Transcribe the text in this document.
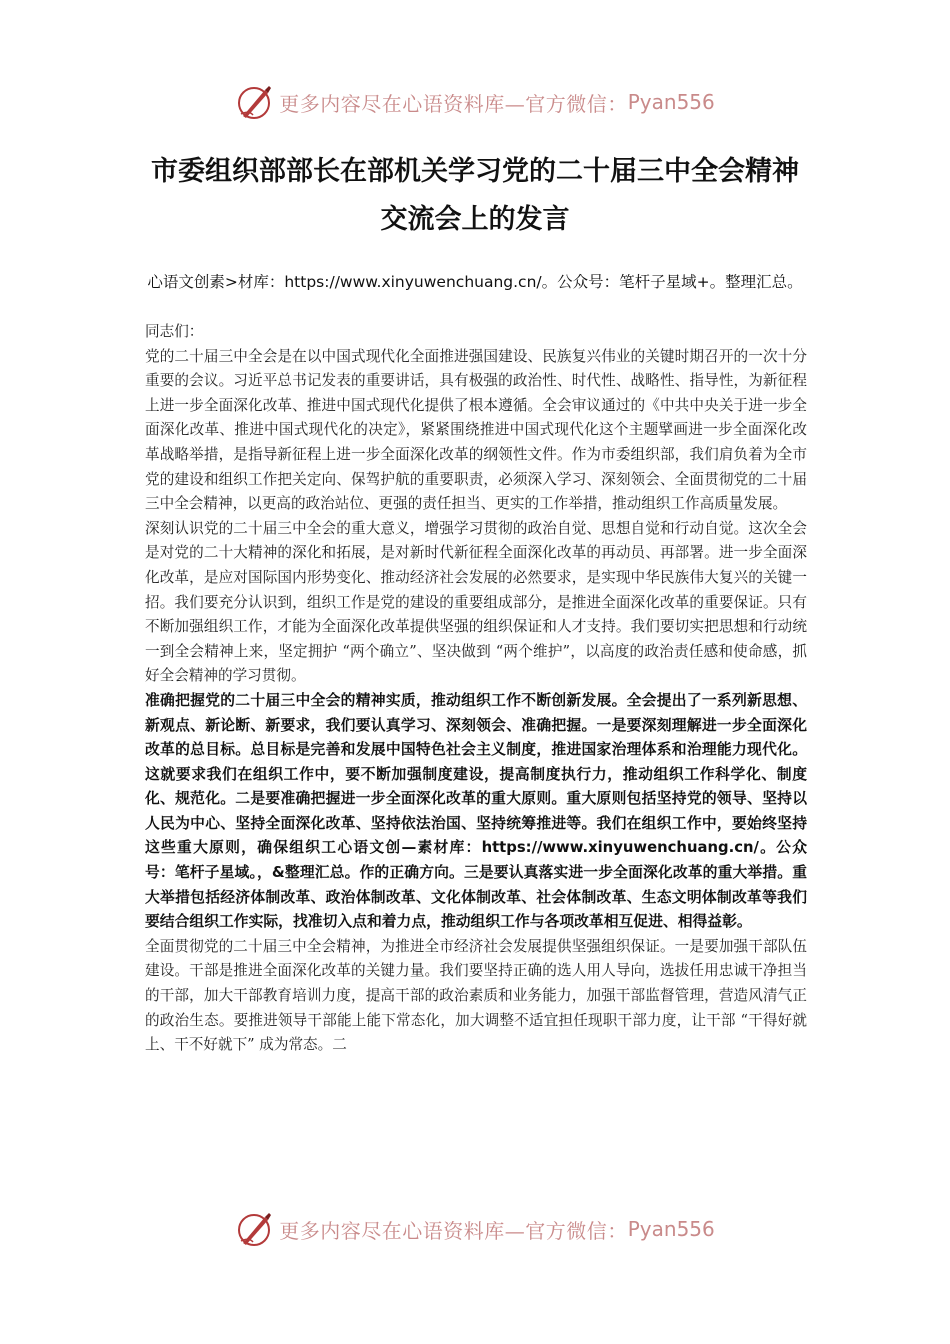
更多内容尽在心语资料库—官方微信： Pyan556
市委组织部部长在部机关学习党的二十届三中全会精神交流会上的发言
心语文创素>材库：https://www.xinyuwenchuang.cn/。公众号：笔杆子星域+。整理汇总。

同志们：

党的二十届三中全会是在以中国式现代化全面推进强国建设、民族复兴伟业的关键时期召开的一次十分重要的会议。习近平总书记发表的重要讲话，具有极强的政治性、时代性、战略性、指导性，为新征程上进一步全面深化改革、推进中国式现代化提供了根本遵循。全会审议通过的《中共中央关于进一步全面深化改革、推进中国式现代化的决定》，紧紧围绕推进中国式现代化这个主题擘画进一步全面深化改革战略举措，是指导新征程上进一步全面深化改革的纲领性文件。作为市委组织部，我们肩负着为全市党的建设和组织工作把关定向、保驾护航的重要职责，必须深入学习、深刻领会、全面贯彻党的二十届三中全会精神，以更高的政治站位、更强的责任担当、更实的工作举措，推动组织工作高质量发展。

深刻认识党的二十届三中全会的重大意义，增强学习贯彻的政治自觉、思想自觉和行动自觉。这次全会是对党的二十大精神的深化和拓展，是对新时代新征程全面深化改革的再动员、再部署。进一步全面深化改革，是应对国际国内形势变化、推动经济社会发展的必然要求，是实现中华民族伟大复兴的关键一招。我们要充分认识到，组织工作是党的建设的重要组成部分，是推进全面深化改革的重要保证。只有不断加强组织工作，才能为全面深化改革提供坚强的组织保证和人才支持。我们要切实把思想和行动统一到全会精神上来，坚定拥护 “两个确立”、坚决做到 “两个维护”，以高度的政治责任感和使命感，抓好全会精神的学习贯彻。

准确把握党的二十届三中全会的精神实质，推动组织工作不断创新发展。全会提出了一系列新思想、新观点、新论断、新要求，我们要认真学习、深刻领会、准确把握。一是要深刻理解进一步全面深化改革的总目标。总目标是完善和发展中国特色社会主义制度，推进国家治理体系和治理能力现代化。这就要求我们在组织工作中，要不断加强制度建设，提高制度执行力，推动组织工作科学化、制度化、规范化。二是要准确把握进一步全面深化改革的重大原则。重大原则包括坚持党的领导、坚持以人民为中心、坚持全面深化改革、坚持依法治国、坚持统筹推进等。我们在组织工作中，要始终坚持这些重大原则，确保组织工心语文创—素材库：https://www.xinyuwenchuang.cn/。公众号：笔杆子星域。，&整理汇总。作的正确方向。三是要认真落实进一步全面深化改革的重大举措。重大举措包括经济体制改革、政治体制改革、文化体制改革、社会体制改革、生态文明体制改革等我们要结合组织工作实际，找准切入点和着力点，推动组织工作与各项改革相互促进、相得益彰。

全面贯彻党的二十届三中全会精神，为推进全市经济社会发展提供坚强组织保证。一是要加强干部队伍建设。干部是推进全面深化改革的关键力量。我们要坚持正确的选人用人导向，选拔任用忠诚干净担当的干部，加大干部教育培训力度，提高干部的政治素质和业务能力，加强干部监督管理，营造风清气正的政治生态。要推进领导干部能上能下常态化，加大调整不适宜担任现职干部力度，让干部 “干得好就上、干不好就下” 成为常态。二

更多内容尽在心语资料库—官方微信： Pyan556
